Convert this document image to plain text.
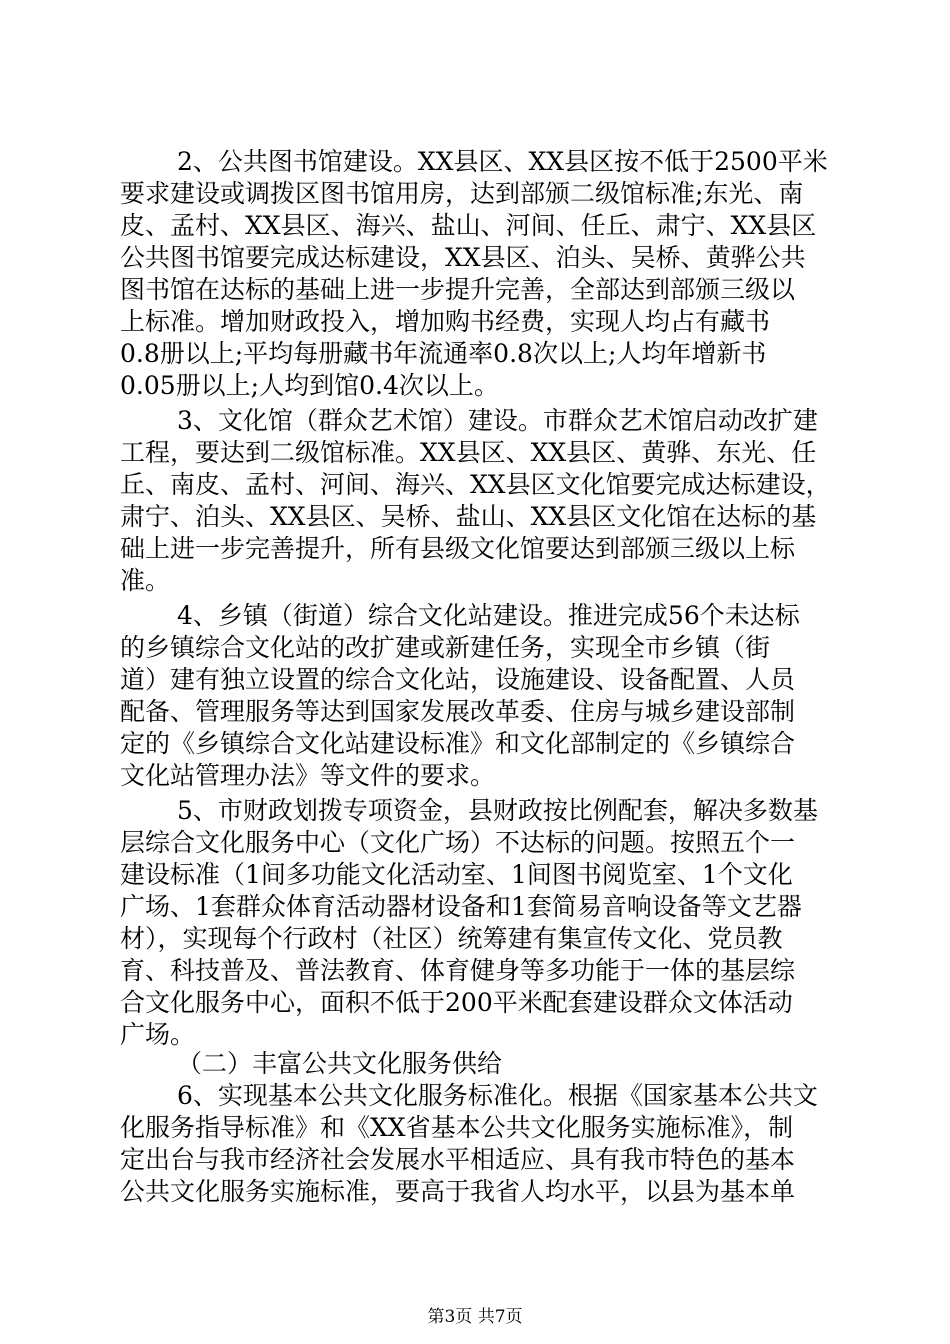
2、公共图书馆建设。XX县区、XX县区按不低于2500平米
要求建设或调拨区图书馆用房，达到部颁二级馆标准;东光、南
皮、孟村、XX县区、海兴、盐山、河间、任丘、肃宁、XX县区
公共图书馆要完成达标建设，XX县区、泊头、吴桥、黄骅公共
图书馆在达标的基础上进一步提升完善，全部达到部颁三级以
上标准。增加财政投入，增加购书经费，实现人均占有藏书
0.8册以上;平均每册藏书年流通率0.8次以上;人均年增新书
0.05册以上;人均到馆0.4次以上。
3、文化馆（群众艺术馆）建设。市群众艺术馆启动改扩建
工程，要达到二级馆标准。XX县区、XX县区、黄骅、东光、任
丘、南皮、孟村、河间、海兴、XX县区文化馆要完成达标建设，
肃宁、泊头、XX县区、吴桥、盐山、XX县区文化馆在达标的基
础上进一步完善提升，所有县级文化馆要达到部颁三级以上标
准。
4、乡镇（街道）综合文化站建设。推进完成56个未达标
的乡镇综合文化站的改扩建或新建任务，实现全市乡镇（街
道）建有独立设置的综合文化站，设施建设、设备配置、人员
配备、管理服务等达到国家发展改革委、住房与城乡建设部制
定的《乡镇综合文化站建设标准》和文化部制定的《乡镇综合
文化站管理办法》等文件的要求。
5、市财政划拨专项资金，县财政按比例配套，解决多数基
层综合文化服务中心（文化广场）不达标的问题。按照五个一
建设标准（1间多功能文化活动室、1间图书阅览室、1个文化
广场、1套群众体育活动器材设备和1套简易音响设备等文艺器
材），实现每个行政村（社区）统筹建有集宣传文化、党员教
育、科技普及、普法教育、体育健身等多功能于一体的基层综
合文化服务中心，面积不低于200平米配套建设群众文体活动
广场。
（二）丰富公共文化服务供给
6、实现基本公共文化服务标准化。根据《国家基本公共文
化服务指导标准》和《XX省基本公共文化服务实施标准》，制
定出台与我市经济社会发展水平相适应、具有我市特色的基本
公共文化服务实施标准，要高于我省人均水平，以县为基本单
第3页 共7页
